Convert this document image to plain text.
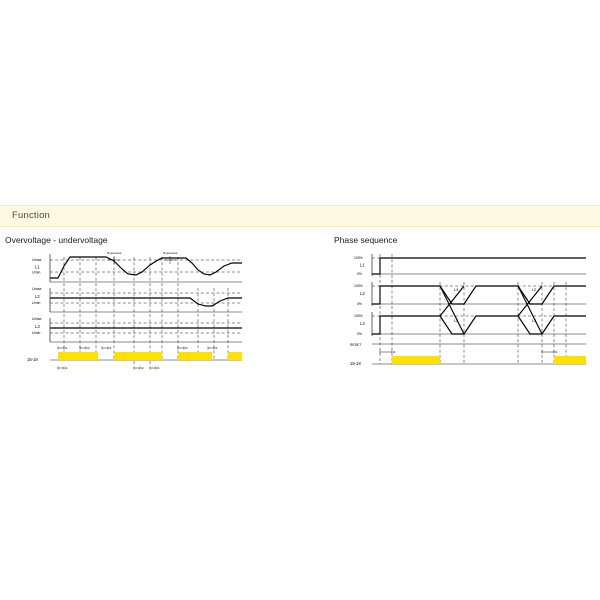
Function
Overvoltage - undervoltage	Phase sequence
Umax
L1
Umin
Hysteresis	Hysteresis
Umax
L2
Umin
Umax
L3
Umin
15-18
t1	t2	t1	t2	t1
t1	t2	t1
100%
L1
0%
100%
L2
0%
L3	L2
100%
L3
0%
L2	L3
RESET
15-18
t1	t1
